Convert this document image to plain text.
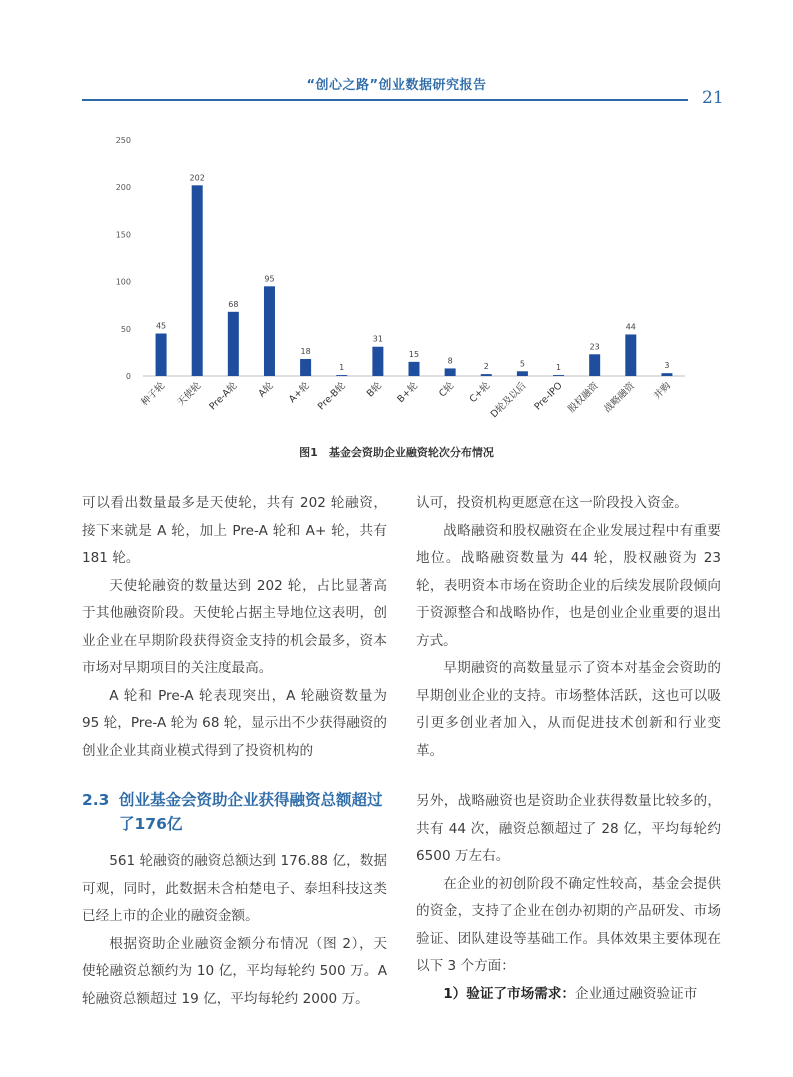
“创心之路”创业数据研究报告
21
0
50
100
150
200
250
45
种子轮
202
天使轮
68
Pre-A轮
95
A轮
18
A+轮
1
Pre-B轮
31
B轮
15
B+轮
8
C轮
2
C+轮
5
D轮及以后
1
Pre-IPO
23
股权融资
44
战略融资
3
并购
图1　基金会资助企业融资轮次分布情况

可以看出数量最多是天使轮，共有 202 轮融资，接下来就是 A 轮，加上 Pre-A 轮和 A+ 轮，共有 181 轮。

天使轮融资的数量达到 202 轮，占比显著高于其他融资阶段。天使轮占据主导地位这表明，创业企业在早期阶段获得资金支持的机会最多，资本市场对早期项目的关注度最高。

A 轮和 Pre-A 轮表现突出，A 轮融资数量为 95 轮，Pre-A 轮为 68 轮，显示出不少获得融资的创业企业其商业模式得到了投资机构的

认可，投资机构更愿意在这一阶段投入资金。

战略融资和股权融资在企业发展过程中有重要地位。战略融资数量为 44 轮，股权融资为 23 轮，表明资本市场在资助企业的后续发展阶段倾向于资源整合和战略协作，也是创业企业重要的退出方式。

早期融资的高数量显示了资本对基金会资助的早期创业企业的支持。市场整体活跃，这也可以吸引更多创业者加入，从而促进技术创新和行业变革。

2.3 创业基金会资助企业获得融资总额超过了176亿

561 轮融资的融资总额达到 176.88 亿，数据可观，同时，此数据未含柏楚电子、泰坦科技这类已经上市的企业的融资金额。

根据资助企业融资金额分布情况（图 2），天使轮融资总额约为 10 亿，平均每轮约 500 万。A 轮融资总额超过 19 亿，平均每轮约 2000 万。

另外，战略融资也是资助企业获得数量比较多的，共有 44 次，融资总额超过了 28 亿，平均每轮约 6500 万左右。

在企业的初创阶段不确定性较高，基金会提供的资金，支持了企业在创办初期的产品研发、市场验证、团队建设等基础工作。具体效果主要体现在以下 3 个方面：

1）验证了市场需求：企业通过融资验证市
